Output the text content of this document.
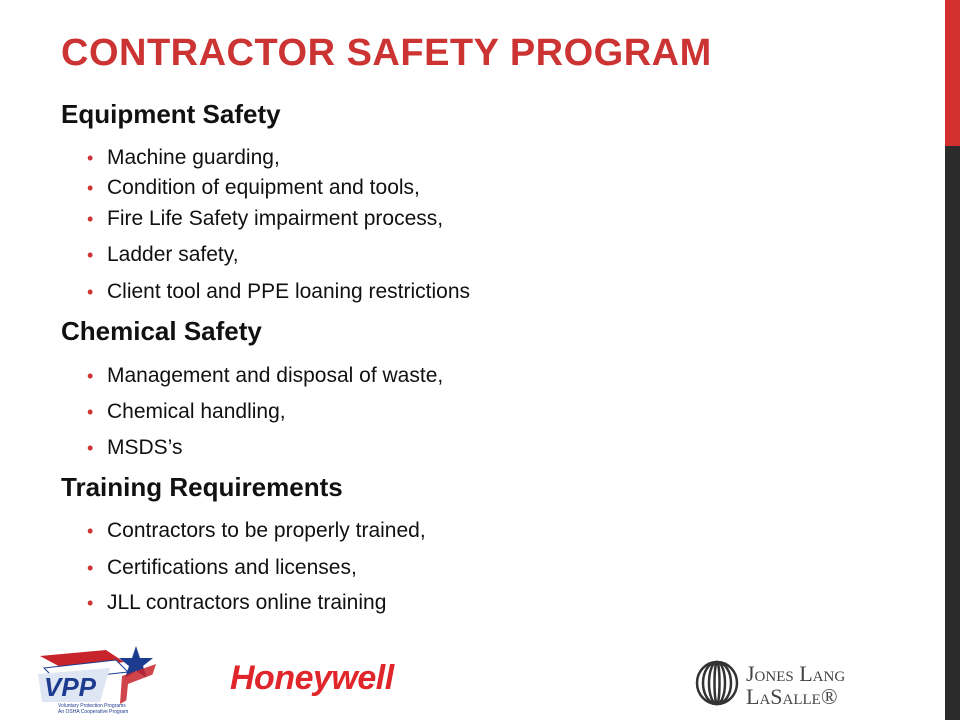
CONTRACTOR SAFETY PROGRAM
Equipment Safety
• Machine guarding,
• Condition of equipment and tools,
• Fire Life Safety impairment process,
• Ladder safety,
• Client tool and PPE loaning restrictions
Chemical Safety
• Management and disposal of waste,
• Chemical handling,
• MSDS’s
Training Requirements
• Contractors to be properly trained,
• Certifications and licenses,
• JLL contractors online training
VPP
Voluntary Protection Programs
An OSHA Cooperative Program
Honeywell	Jones Lang
LaSalle®
